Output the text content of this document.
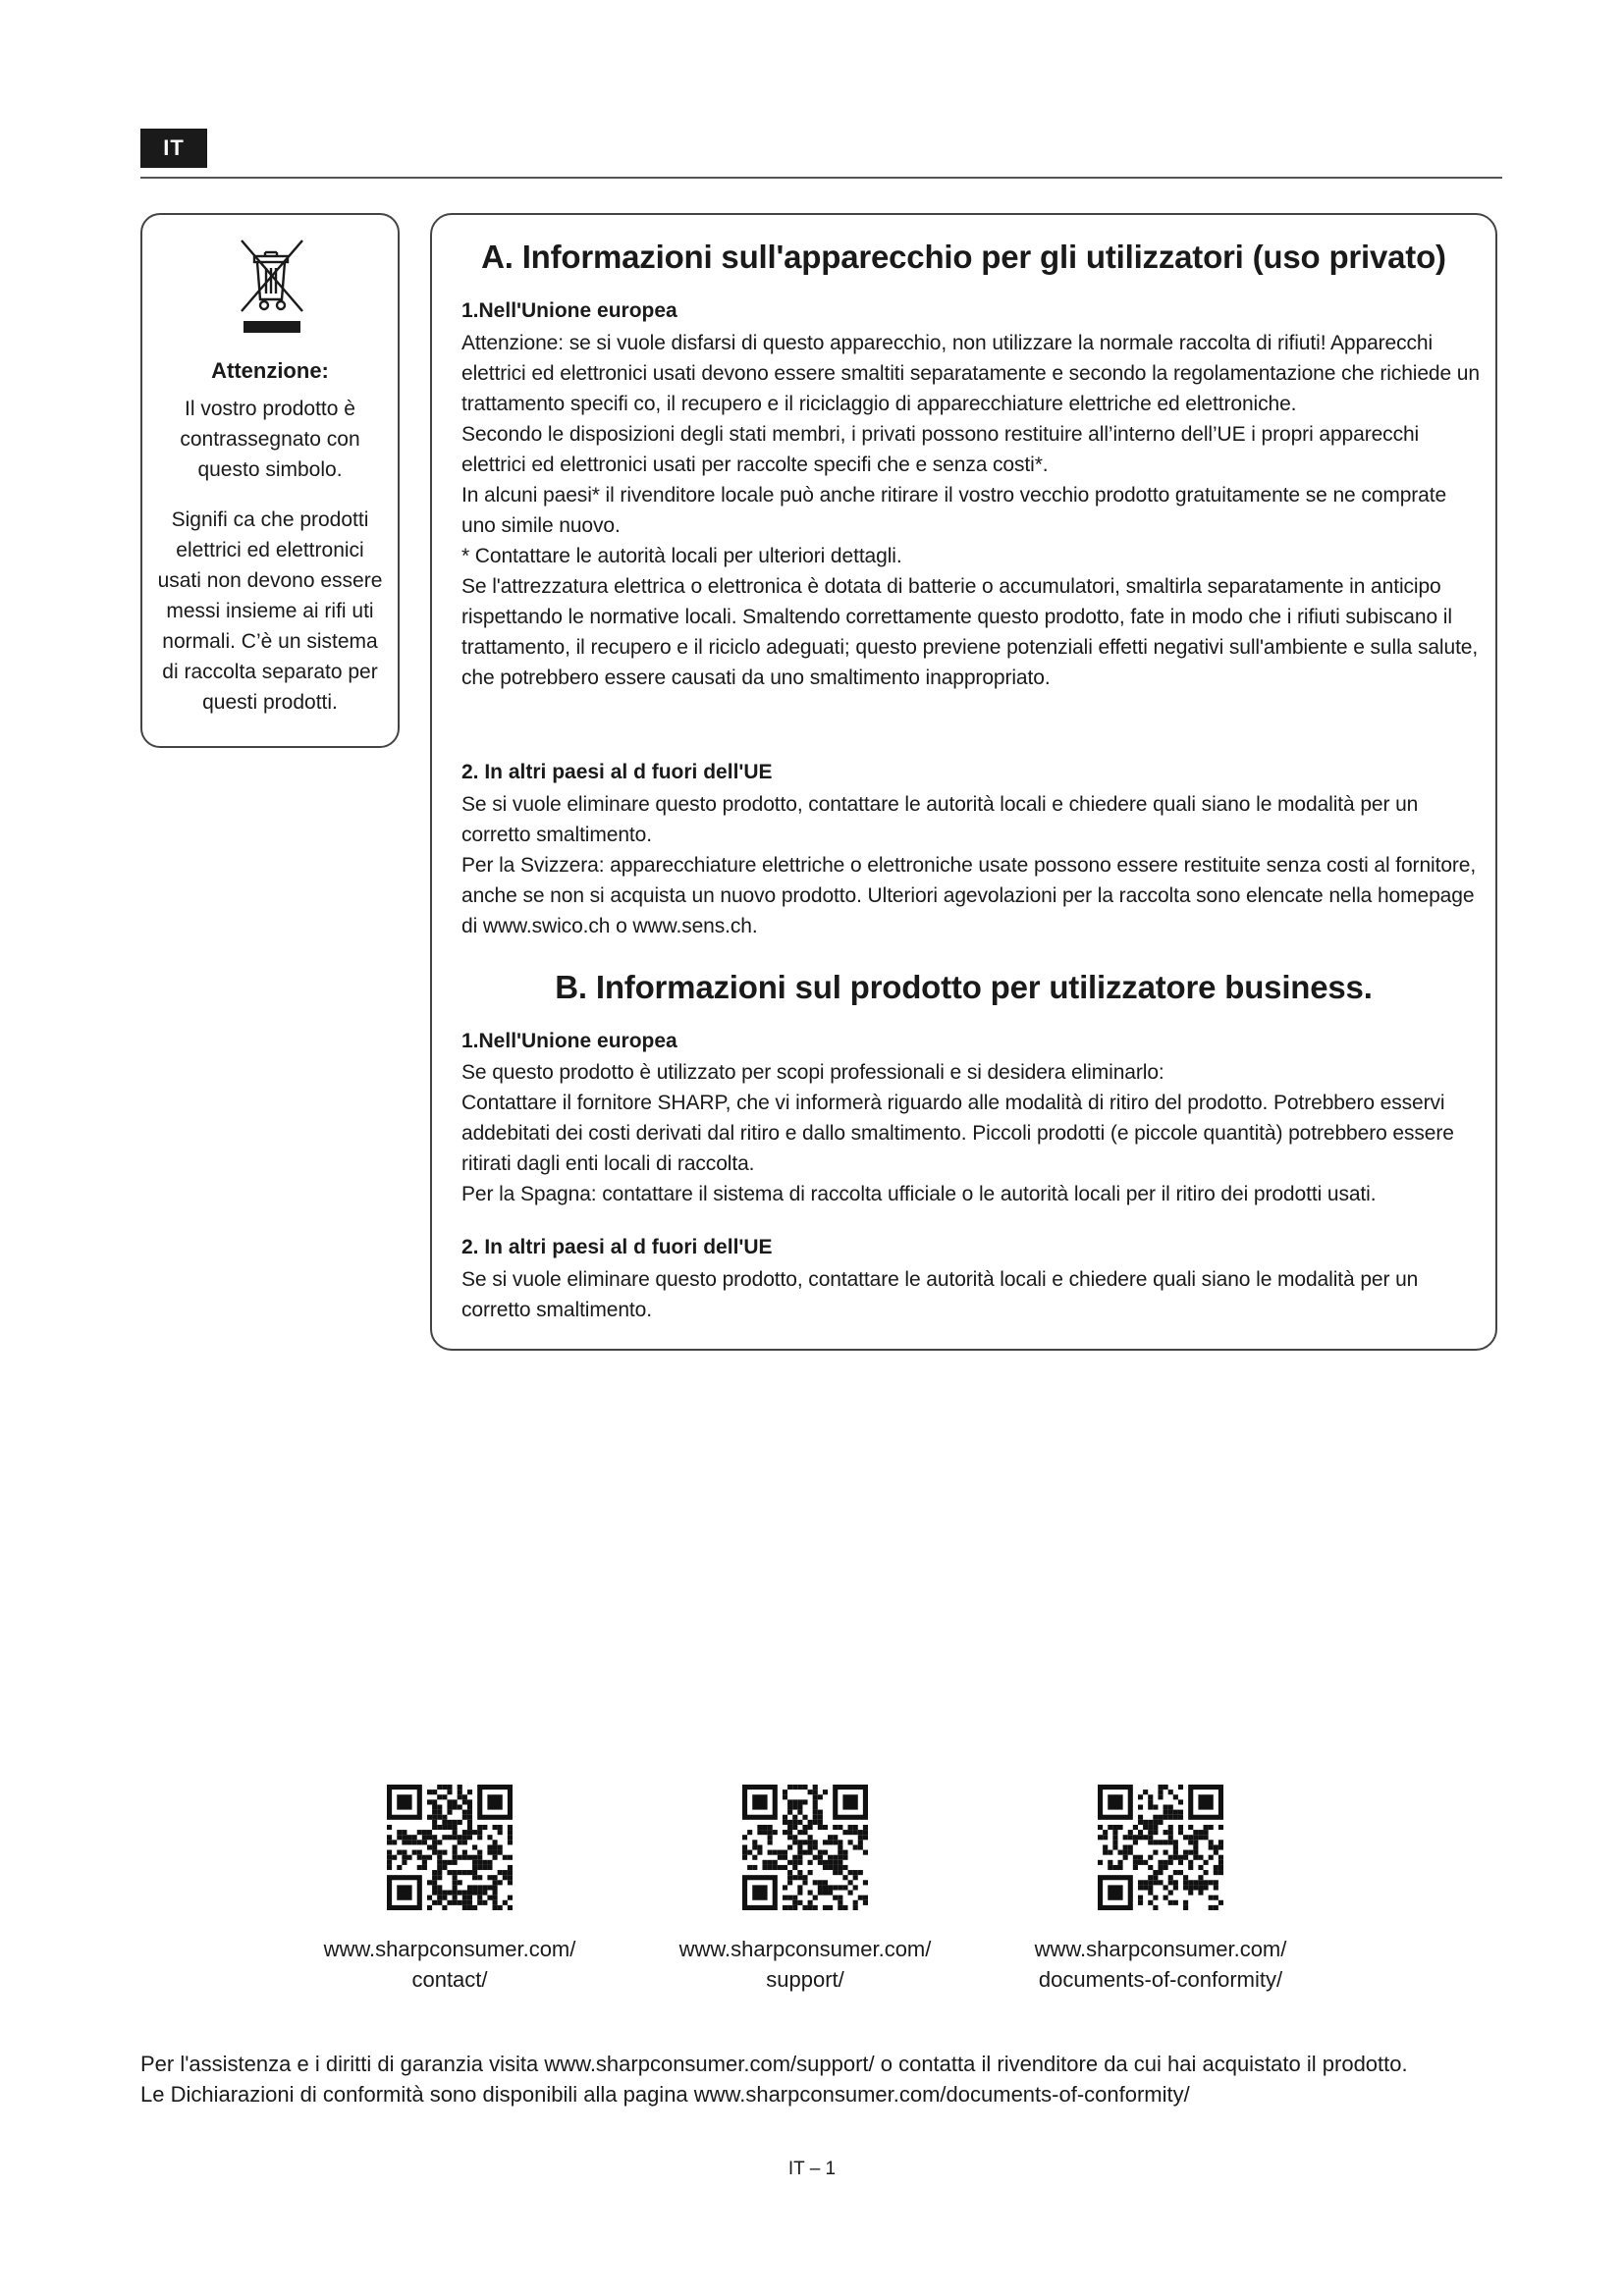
IT
Attenzione:
Il vostro prodotto è contrassegnato con questo simbolo.
Signifi ca che prodotti elettrici ed elettronici usati non devono essere messi insieme ai rifi uti normali. C’è un sistema di raccolta separato per questi prodotti.
A. Informazioni sull'apparecchio per gli utilizzatori (uso privato)
1.Nell'Unione europea
Attenzione: se si vuole disfarsi di questo apparecchio, non utilizzare la normale raccolta di rifiuti! Apparecchi elettrici ed elettronici usati devono essere smaltiti separatamente e secondo la regolamentazione che richiede un trattamento specifi co, il recupero e il riciclaggio di apparecchiature elettriche ed elettroniche.
Secondo le disposizioni degli stati membri, i privati possono restituire all’interno dell’UE i propri apparecchi elettrici ed elettronici usati per raccolte specifi che e senza costi*.
In alcuni paesi* il rivenditore locale può anche ritirare il vostro vecchio prodotto gratuitamente se ne comprate uno simile nuovo.
* Contattare le autorità locali per ulteriori dettagli.
Se l'attrezzatura elettrica o elettronica è dotata di batterie o accumulatori, smaltirla separatamente in anticipo rispettando le normative locali. Smaltendo correttamente questo prodotto, fate in modo che i rifiuti subiscano il trattamento, il recupero e il riciclo adeguati; questo previene potenziali effetti negativi sull'ambiente e sulla salute, che potrebbero essere causati da uno smaltimento inappropriato.
2. In altri paesi al d fuori dell'UE
Se si vuole eliminare questo prodotto, contattare le autorità locali e chiedere quali siano le modalità per un corretto smaltimento.
Per la Svizzera: apparecchiature elettriche o elettroniche usate possono essere restituite senza costi al fornitore, anche se non si acquista un nuovo prodotto. Ulteriori agevolazioni per la raccolta sono elencate nella homepage di www.swico.ch o www.sens.ch.
B. Informazioni sul prodotto per utilizzatore business.
1.Nell'Unione europea
Se questo prodotto è utilizzato per scopi professionali e si desidera eliminarlo:
Contattare il fornitore SHARP, che vi informerà riguardo alle modalità di ritiro del prodotto. Potrebbero esservi addebitati dei costi derivati dal ritiro e dallo smaltimento. Piccoli prodotti (e piccole quantità) potrebbero essere ritirati dagli enti locali di raccolta.
Per la Spagna: contattare il sistema di raccolta ufficiale o le autorità locali per il ritiro dei prodotti usati.
2. In altri paesi al d fuori dell'UE
Se si vuole eliminare questo prodotto, contattare le autorità locali e chiedere quali siano le modalità per un corretto smaltimento.
www.sharpconsumer.com/
contact/
www.sharpconsumer.com/
support/
www.sharpconsumer.com/
documents-of-conformity/
Per l'assistenza e i diritti di garanzia visita www.sharpconsumer.com/support/ o contatta il rivenditore da cui hai acquistato il prodotto.
Le Dichiarazioni di conformità sono disponibili alla pagina www.sharpconsumer.com/documents-of-conformity/
IT – 1
